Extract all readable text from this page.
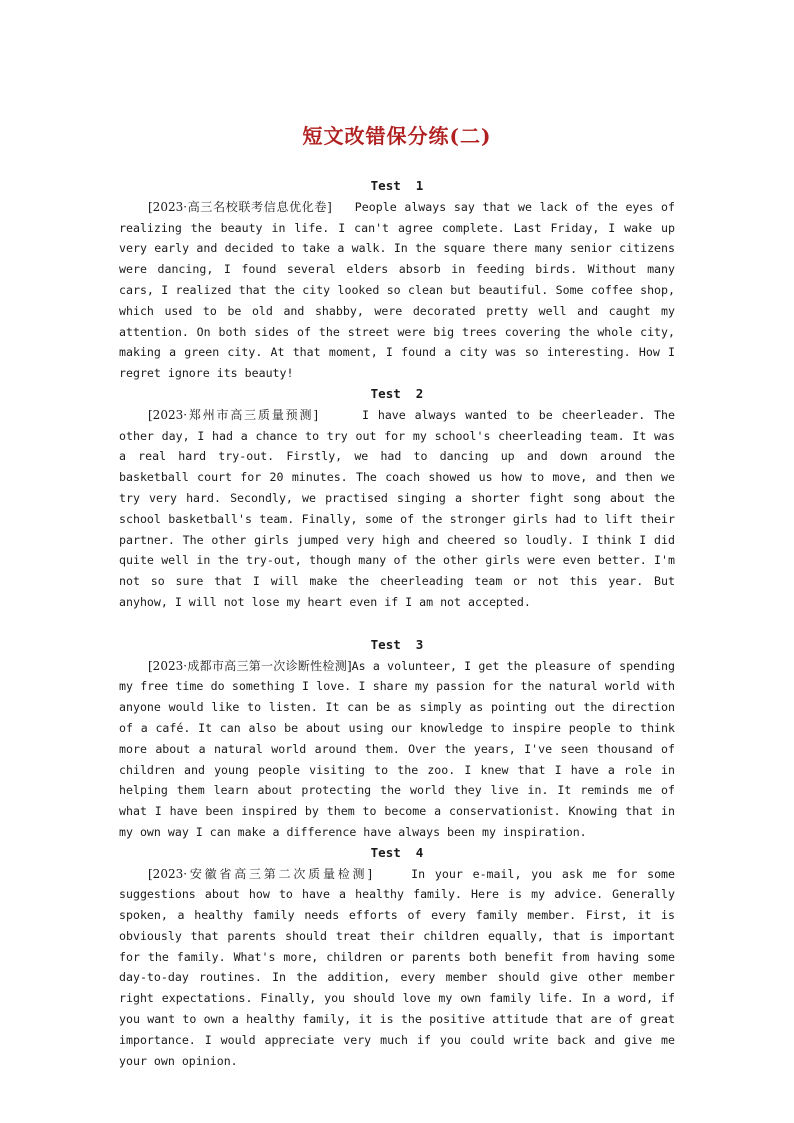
短文改错保分练(二)
Test  1

[2023·高三名校联考信息优化卷] People always say that we lack of the eyes of realizing the beauty in life. I can't agree complete. Last Friday, I wake up very early and decided to take a walk. In the square there many senior citizens were dancing, I found several elders absorb in feeding birds. Without many cars, I realized that the city looked so clean but beautiful. Some coffee shop, which used to be old and shabby, were decorated pretty well and caught my attention. On both sides of the street were big trees covering the whole city, making a green city. At that moment, I found a city was so interesting. How I regret ignore its beauty!

Test  2

[2023·郑州市高三质量预测]	I have always wanted to be cheerleader. The other day, I had a chance to try out for my school's cheerleading team. It was a real hard try-out. Firstly, we had to dancing up and down around the basketball court for 20 minutes. The coach showed us how to move, and then we try very hard. Secondly, we practised singing a shorter fight song about the school basketball's team. Finally, some of the stronger girls had to lift their partner. The other girls jumped very high and cheered so loudly. I think I did quite well in the try-out, though many of the other girls were even better. I'm not so sure that I will make the cheerleading team or not this year. But anyhow, I will not lose my heart even if I am not accepted.

Test  3

[2023·成都市高三第一次诊断性检测]As a volunteer, I get the pleasure of spending my free time do something I love. I share my passion for the natural world with anyone would like to listen. It can be as simply as pointing out the direction of a café. It can also be about using our knowledge to inspire people to think more about a natural world around them. Over the years, I've seen thousand of children and young people visiting to the zoo. I knew that I have a role in helping them learn about protecting the world they live in. It reminds me of what I have been inspired by them to become a conservationist. Knowing that in my own way I can make a difference have always been my inspiration.

Test  4

[2023·安徽省高三第二次质量检测]	In your e-mail, you ask me for some suggestions about how to have a healthy family. Here is my advice. Generally spoken, a healthy family needs efforts of every family member. First, it is obviously that parents should treat their children equally, that is important for the family. What's more, children or parents both benefit from having some day-to-day routines. In the addition, every member should give other member right expectations. Finally, you should love my own family life. In a word, if you want to own a healthy family, it is the positive attitude that are of great importance. I would appreciate very much if you could write back and give me your own opinion.
